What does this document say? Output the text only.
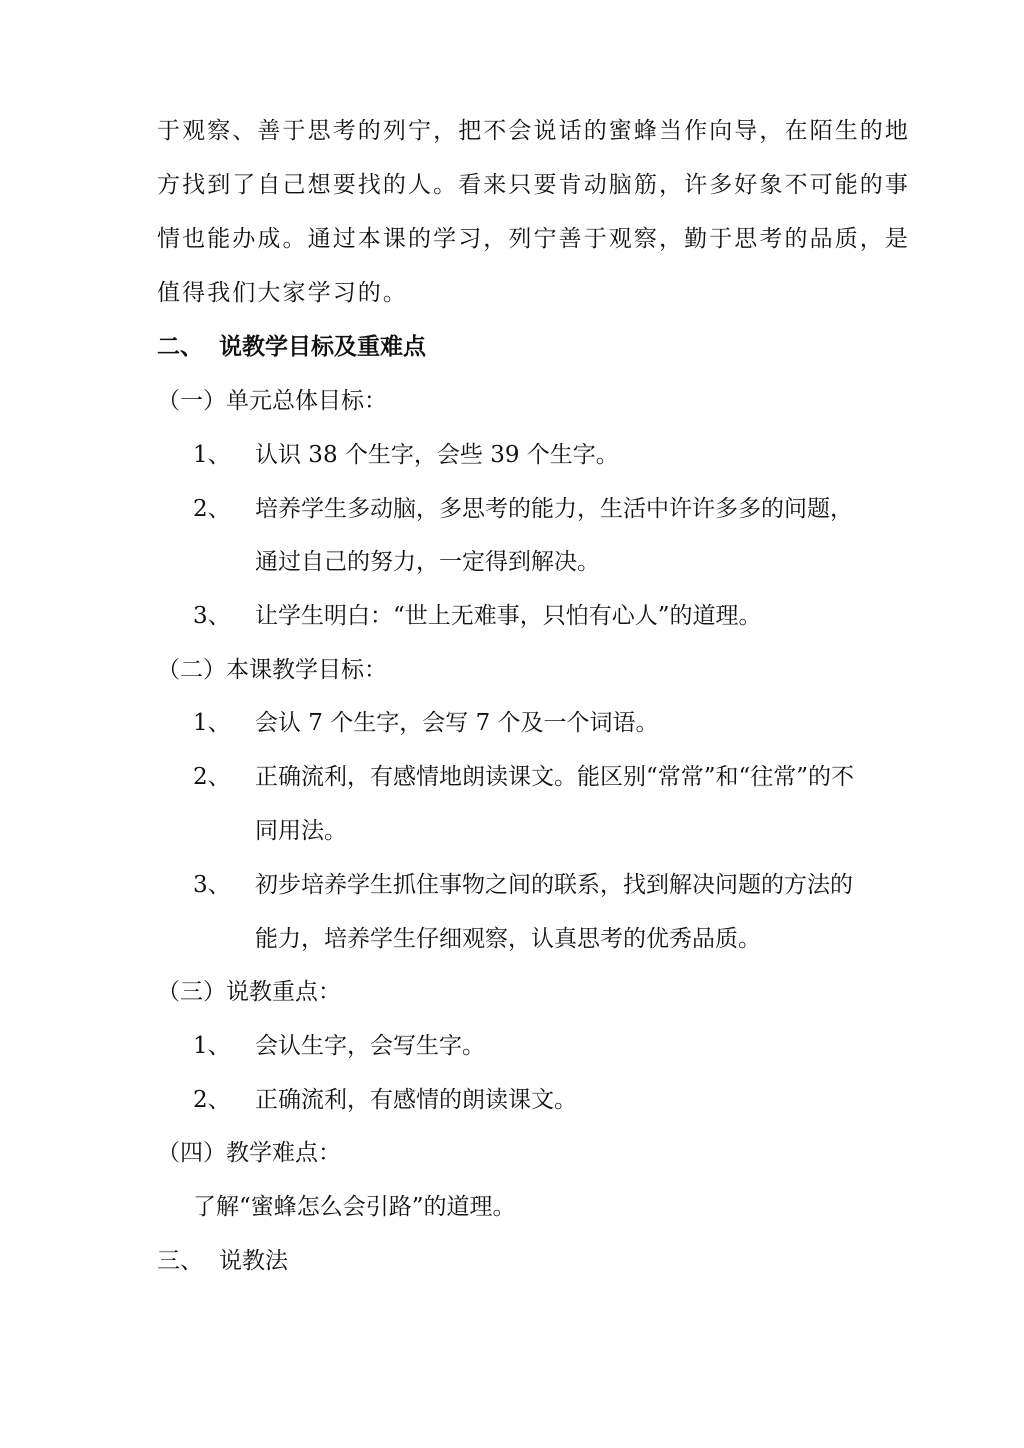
于观察、善于思考的列宁，把不会说话的蜜蜂当作向导，在陌生的地
方找到了自己想要找的人。看来只要肯动脑筋，许多好象不可能的事
情也能办成。通过本课的学习，列宁善于观察，勤于思考的品质，是
值得我们大家学习的。
二、 说教学目标及重难点
（一）单元总体目标：
1、 认识 38 个生字，会些 39 个生字。
2、 培养学生多动脑，多思考的能力，生活中许许多多的问题，
通过自己的努力，一定得到解决。
3、 让学生明白：“世上无难事，只怕有心人”的道理。
（二）本课教学目标：
1、 会认 7 个生字，会写 7 个及一个词语。
2、 正确流利，有感情地朗读课文。能区别“常常”和“往常”的不
同用法。
3、 初步培养学生抓住事物之间的联系，找到解决问题的方法的
能力，培养学生仔细观察，认真思考的优秀品质。
（三）说教重点：
1、 会认生字，会写生字。
2、 正确流利，有感情的朗读课文。
（四）教学难点：
了解“蜜蜂怎么会引路”的道理。
三、 说教法
